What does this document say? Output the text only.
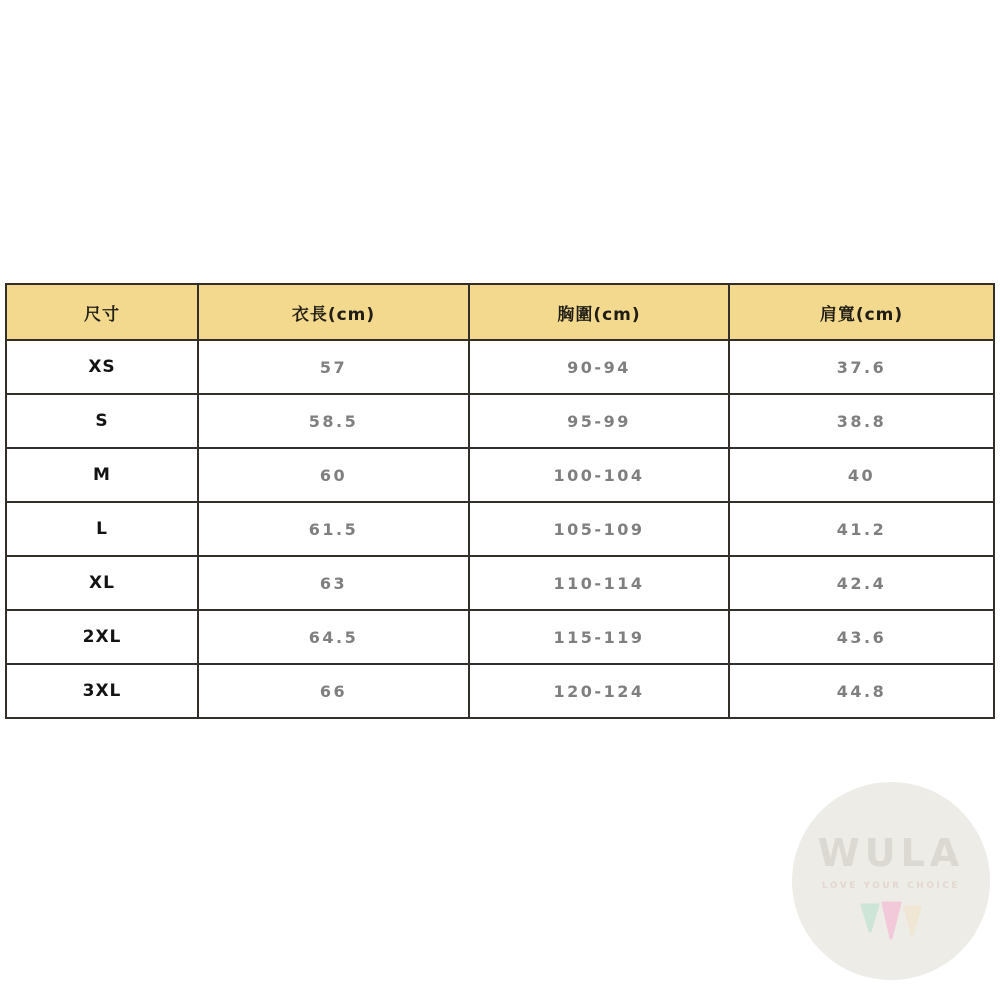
尺寸	衣長(cm)	胸圍(cm)	肩寬(cm)
XS	57	90-94	37.6
S	58.5	95-99	38.8
M	60	100-104	40
L	61.5	105-109	41.2
XL	63	110-114	42.4
2XL	64.5	115-119	43.6
3XL	66	120-124	44.8
WULA
LOVE YOUR CHOICE
